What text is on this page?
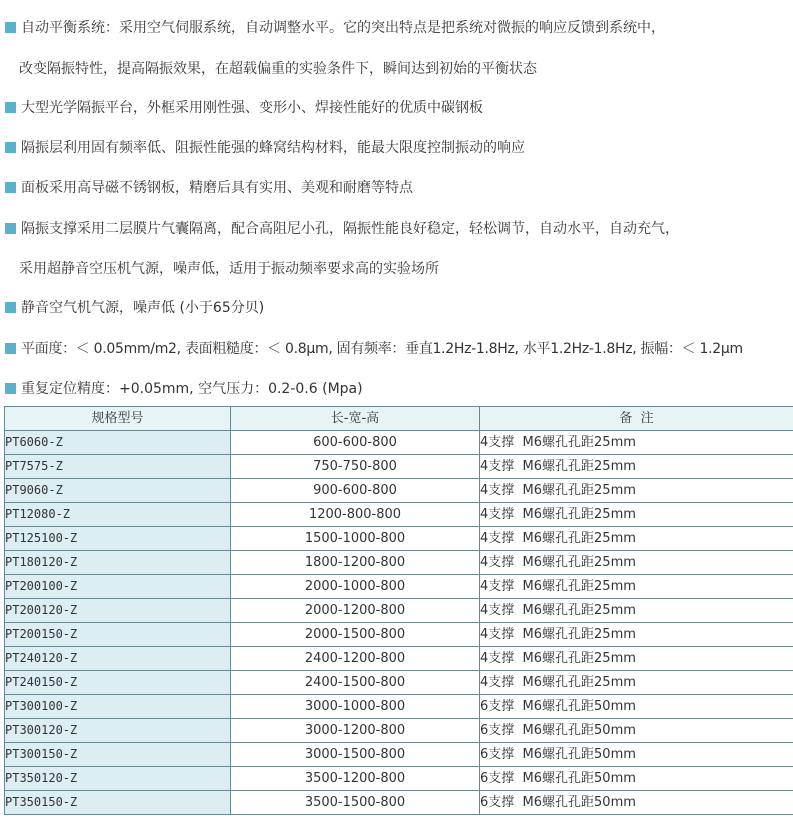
自动平衡系统：采用空气伺服系统，自动调整水平。它的突出特点是把系统对微振的响应反馈到系统中，
改变隔振特性，提高隔振效果，在超载偏重的实验条件下，瞬间达到初始的平衡状态
大型光学隔振平台，外框采用刚性强、变形小、焊接性能好的优质中碳钢板
隔振层利用固有频率低、阻振性能强的蜂窝结构材料，能最大限度控制振动的响应
面板采用高导磁不锈钢板，精磨后具有实用、美观和耐磨等特点
隔振支撑采用二层膜片气囊隔离，配合高阻尼小孔，隔振性能良好稳定，轻松调节，自动水平，自动充气，
采用超静音空压机气源，噪声低，适用于振动频率要求高的实验场所
静音空气机气源，噪声低 (小于65分贝)
平面度：＜ 0.05mm/m2, 表面粗糙度：＜ 0.8μm, 固有频率：垂直1.2Hz-1.8Hz, 水平1.2Hz-1.8Hz, 振幅：＜ 1.2μm
重复定位精度：+0.05mm, 空气压力：0.2-0.6 (Mpa)
规格型号	长-宽-高	备  注
PT6060-Z	600-600-800	4支撑  M6螺孔孔距25mm
PT7575-Z	750-750-800	4支撑  M6螺孔孔距25mm
PT9060-Z	900-600-800	4支撑  M6螺孔孔距25mm
PT12080-Z	1200-800-800	4支撑  M6螺孔孔距25mm
PT125100-Z	1500-1000-800	4支撑  M6螺孔孔距25mm
PT180120-Z	1800-1200-800	4支撑  M6螺孔孔距25mm
PT200100-Z	2000-1000-800	4支撑  M6螺孔孔距25mm
PT200120-Z	2000-1200-800	4支撑  M6螺孔孔距25mm
PT200150-Z	2000-1500-800	4支撑  M6螺孔孔距25mm
PT240120-Z	2400-1200-800	4支撑  M6螺孔孔距25mm
PT240150-Z	2400-1500-800	4支撑  M6螺孔孔距25mm
PT300100-Z	3000-1000-800	6支撑  M6螺孔孔距50mm
PT300120-Z	3000-1200-800	6支撑  M6螺孔孔距50mm
PT300150-Z	3000-1500-800	6支撑  M6螺孔孔距50mm
PT350120-Z	3500-1200-800	6支撑  M6螺孔孔距50mm
PT350150-Z	3500-1500-800	6支撑  M6螺孔孔距50mm
